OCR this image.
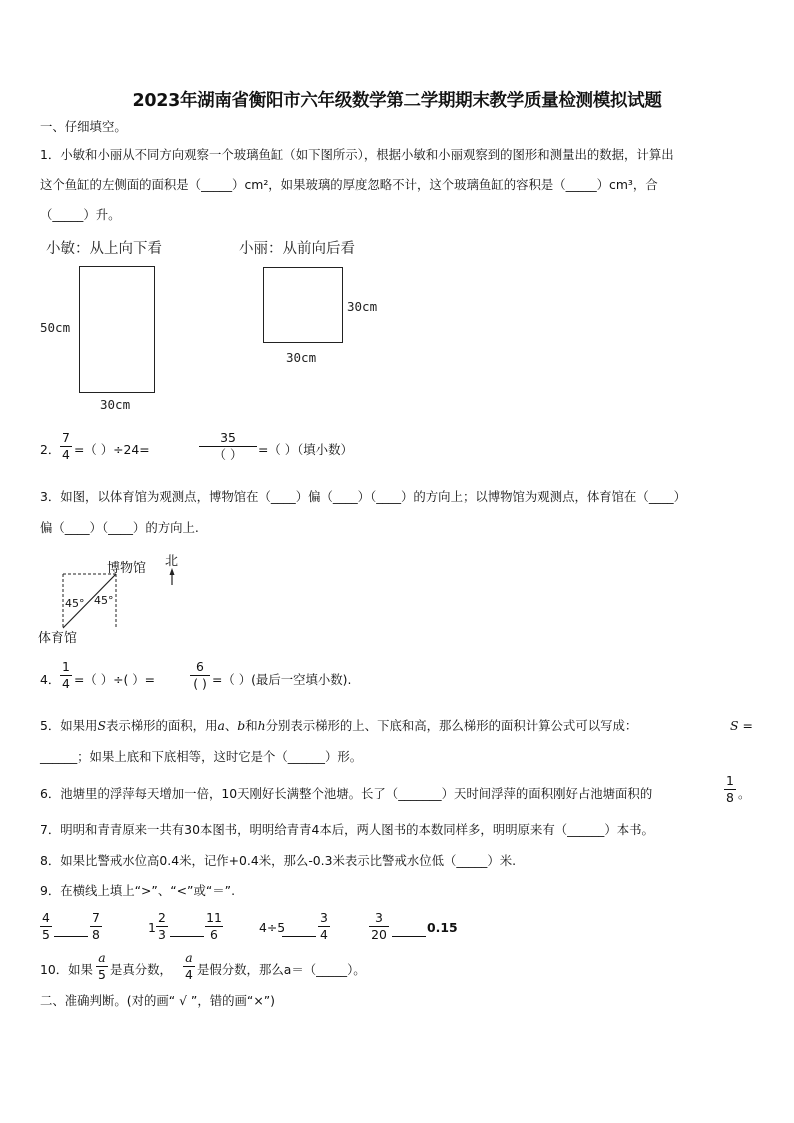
2023年湖南省衡阳市六年级数学第二学期期末教学质量检测模拟试题
一、仔细填空。
1．小敏和小丽从不同方向观察一个玻璃鱼缸（如下图所示），根据小敏和小丽观察到的图形和测量出的数据，计算出
这个鱼缸的左侧面的面积是（_____）cm²，如果玻璃的厚度忽略不计，这个玻璃鱼缸的容积是（_____）cm³，合
（_____）升。
小敏：从上向下看	小丽：从前向后看
50cm
30cm
30cm
30cm
2．
7
4 =（ ）÷24=
35
（ ）	=（ ）（填小数）
3．如图，以体育馆为观测点，博物馆在（____）偏（____）（____）的方向上；以博物馆为观测点，体育馆在（____）
偏（____）（____）的方向上.
博物馆 北
45° 45°
体育馆
4．
1
4 =（ ）÷( ）=
6
( ) =（ ）(最后一空填小数).
5．如果用S表示梯形的面积，用a、b和h分别表示梯形的上、下底和高，那么梯形的面积计算公式可以写成：	S =
______；如果上底和下底相等，这时它是个（______）形。
6．池塘里的浮萍每天增加一倍，10天刚好长满整个池塘。长了（_______）天时间浮萍的面积刚好占池塘面积的
1
8 。
7．明明和青青原来一共有30本图书，明明给青青4本后，两人图书的本数同样多，明明原来有（______）本书。
8．如果比警戒水位高0.4米，记作+0.4米，那么-0.3米表示比警戒水位低（_____）米.
9．在横线上填上“>”、“<”或“＝”.
4
5
7
8	1
2
3
11
6	4÷5
3
4
3
20	0.15
10．如果
a
5 是真分数，
a
4 是假分数，那么a＝（_____）。
二、准确判断。(对的画“ √ ”，错的画“×”)
